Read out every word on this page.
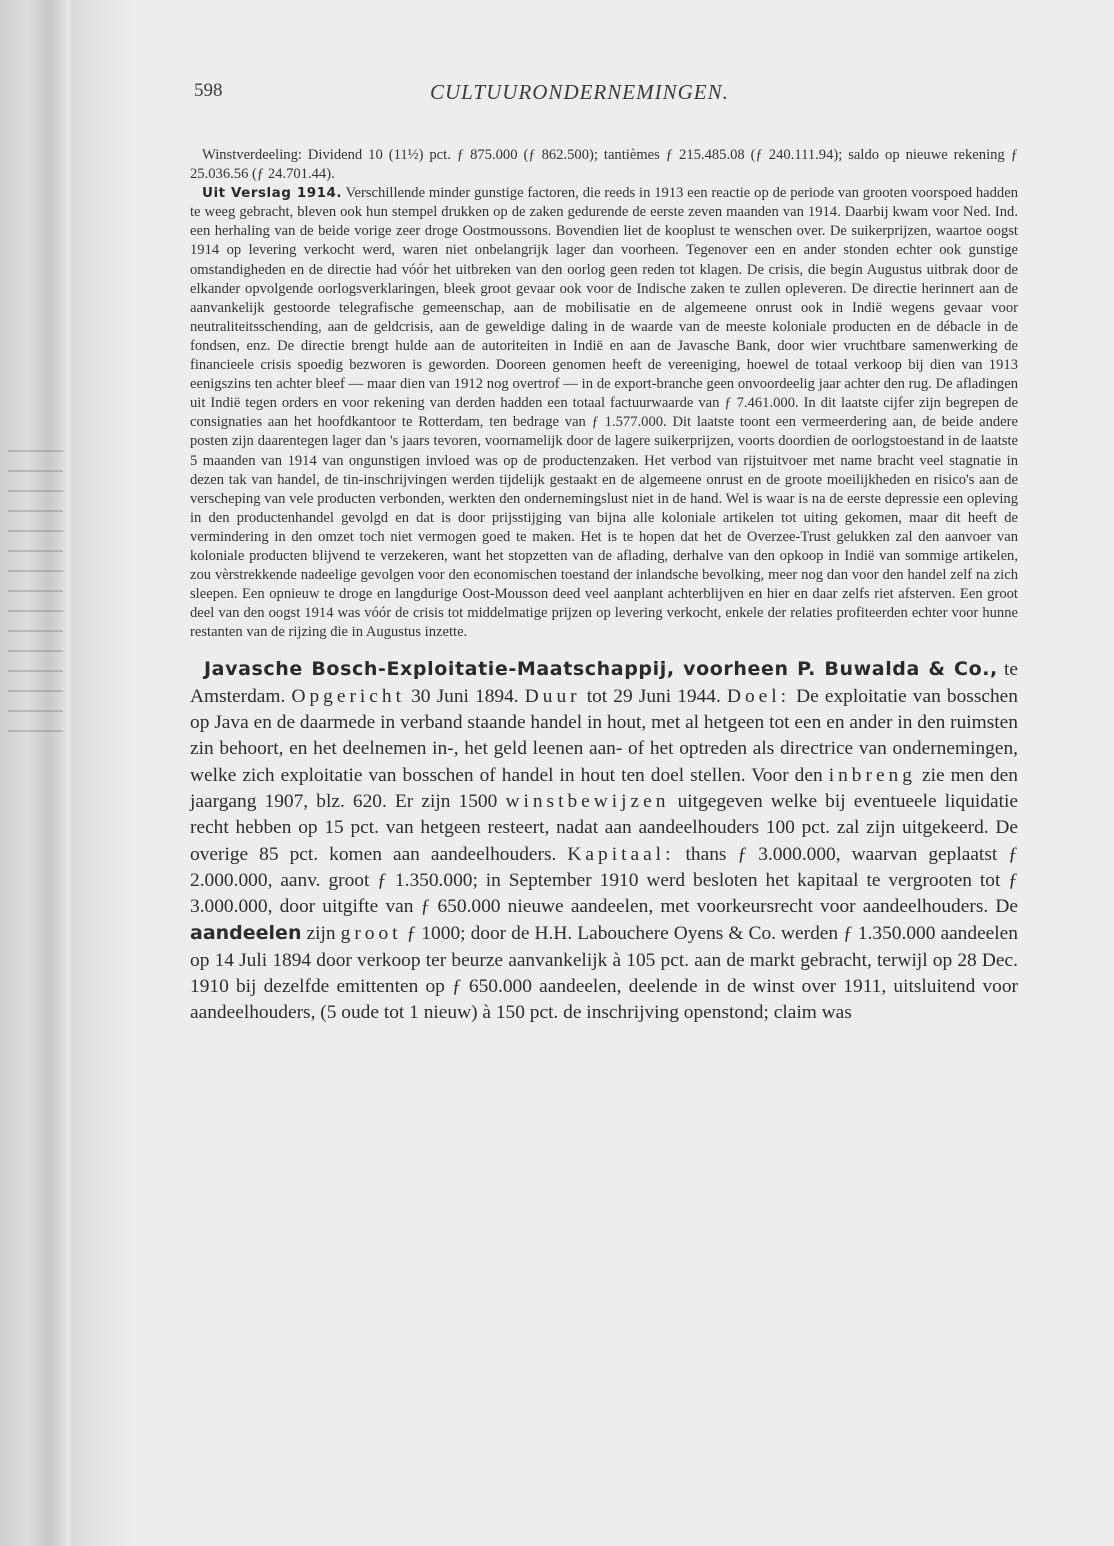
598	CULTUURONDERNEMINGEN.

Winstverdeeling: Dividend 10 (11½) pct. ƒ 875.000 (ƒ 862.500); tantièmes ƒ 215.485.08 (ƒ 240.111.94); saldo op nieuwe rekening ƒ 25.036.56 (ƒ 24.701.44).

Uit Verslag 1914. Verschillende minder gunstige factoren, die reeds in 1913 een reactie op de periode van grooten voorspoed hadden te weeg gebracht, bleven ook hun stempel drukken op de zaken gedurende de eerste zeven maanden van 1914. Daarbij kwam voor Ned. Ind. een herhaling van de beide vorige zeer droge Oostmoussons. Bovendien liet de kooplust te wenschen over. De suikerprijzen, waartoe oogst 1914 op levering verkocht werd, waren niet onbelangrijk lager dan voorheen. Tegenover een en ander stonden echter ook gunstige omstandigheden en de directie had vóór het uitbreken van den oorlog geen reden tot klagen. De crisis, die begin Augustus uitbrak door de elkander opvolgende oorlogsverklaringen, bleek groot gevaar ook voor de Indische zaken te zullen opleveren. De directie herinnert aan de aanvankelijk gestoorde telegrafische gemeenschap, aan de mobilisatie en de algemeene onrust ook in Indië wegens gevaar voor neutraliteitsschending, aan de geldcrisis, aan de geweldige daling in de waarde van de meeste koloniale producten en de débacle in de fondsen, enz. De directie brengt hulde aan de autoriteiten in Indië en aan de Javasche Bank, door wier vruchtbare samenwerking de financieele crisis spoedig bezworen is geworden. Dooreen genomen heeft de vereeniging, hoewel de totaal verkoop bij dien van 1913 eenigszins ten achter bleef — maar dien van 1912 nog overtrof — in de export-branche geen onvoordeelig jaar achter den rug. De afladingen uit Indië tegen orders en voor rekening van derden hadden een totaal factuurwaarde van ƒ 7.461.000. In dit laatste cijfer zijn begrepen de consignaties aan het hoofdkantoor te Rotterdam, ten bedrage van ƒ 1.577.000. Dit laatste toont een vermeerdering aan, de beide andere posten zijn daarentegen lager dan 's jaars tevoren, voornamelijk door de lagere suikerprijzen, voorts doordien de oorlogstoestand in de laatste 5 maanden van 1914 van ongunstigen invloed was op de productenzaken. Het verbod van rijstuitvoer met name bracht veel stagnatie in dezen tak van handel, de tin-inschrijvingen werden tijdelijk gestaakt en de algemeene onrust en de groote moeilijkheden en risico's aan de verscheping van vele producten verbonden, werkten den ondernemingslust niet in de hand. Wel is waar is na de eerste depressie een opleving in den productenhandel gevolgd en dat is door prijsstijging van bijna alle koloniale artikelen tot uiting gekomen, maar dit heeft de vermindering in den omzet toch niet vermogen goed te maken. Het is te hopen dat het de Overzee-Trust gelukken zal den aanvoer van koloniale producten blijvend te verzekeren, want het stopzetten van de aflading, derhalve van den opkoop in Indië van sommige artikelen, zou vèrstrekkende nadeelige gevolgen voor den economischen toestand der inlandsche bevolking, meer nog dan voor den handel zelf na zich sleepen. Een opnieuw te droge en langdurige Oost-Mousson deed veel aanplant achterblijven en hier en daar zelfs riet afsterven. Een groot deel van den oogst 1914 was vóór de crisis tot middelmatige prijzen op levering verkocht, enkele der relaties profiteerden echter voor hunne restanten van de rijzing die in Augustus inzette.

Javasche Bosch-Exploitatie-Maatschappij, voorheen P. Buwalda & Co., te Amsterdam. Opgericht 30 Juni 1894. Duur tot 29 Juni 1944. Doel: De exploitatie van bosschen op Java en de daarmede in verband staande handel in hout, met al hetgeen tot een en ander in den ruimsten zin behoort, en het deelnemen in-, het geld leenen aan- of het optreden als directrice van ondernemingen, welke zich exploitatie van bosschen of handel in hout ten doel stellen. Voor den inbreng zie men den jaargang 1907, blz. 620. Er zijn 1500 winstbewijzen uitgegeven welke bij eventueele liquidatie recht hebben op 15 pct. van hetgeen resteert, nadat aan aandeelhouders 100 pct. zal zijn uitgekeerd. De overige 85 pct. komen aan aandeelhouders. Kapitaal: thans ƒ 3.000.000, waarvan geplaatst ƒ 2.000.000, aanv. groot ƒ 1.350.000; in September 1910 werd besloten het kapitaal te vergrooten tot ƒ 3.000.000, door uitgifte van ƒ 650.000 nieuwe aandeelen, met voorkeursrecht voor aandeelhouders. De aandeelen zijn groot ƒ 1000; door de H.H. Labouchere Oyens & Co. werden ƒ 1.350.000 aandeelen op 14 Juli 1894 door verkoop ter beurze aanvankelijk à 105 pct. aan de markt gebracht, terwijl op 28 Dec. 1910 bij dezelfde emittenten op ƒ 650.000 aandeelen, deelende in de winst over 1911, uitsluitend voor aandeelhouders, (5 oude tot 1 nieuw) à 150 pct. de inschrijving openstond; claim was
